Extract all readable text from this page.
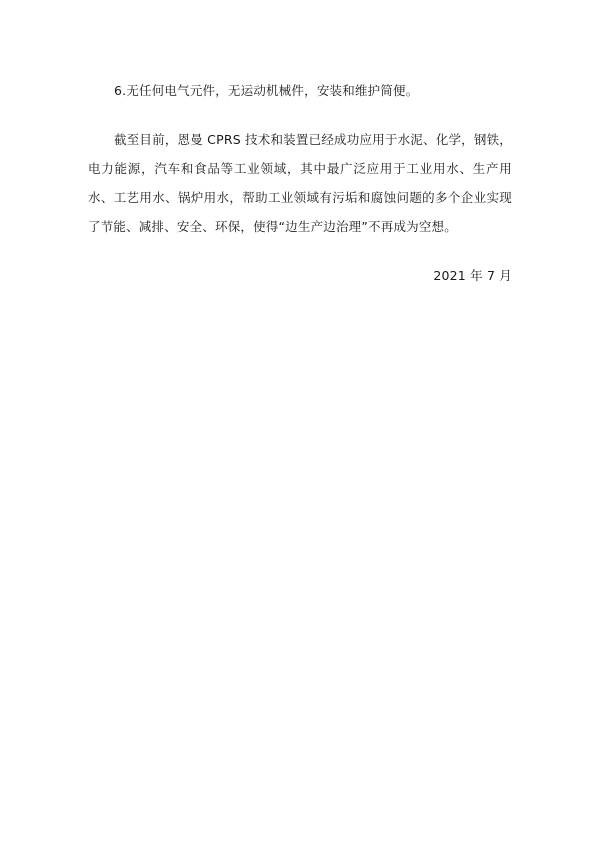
6.无任何电气元件，无运动机械件，安装和维护简便。

截至目前，恩曼 CPRS 技术和装置已经成功应用于水泥、化学，钢铁，电力能源，汽车和食品等工业领域，其中最广泛应用于工业用水、生产用水、工艺用水、锅炉用水，帮助工业领域有污垢和腐蚀问题的多个企业实现了节能、减排、安全、环保，使得“边生产边治理”不再成为空想。

2021 年 7 月
